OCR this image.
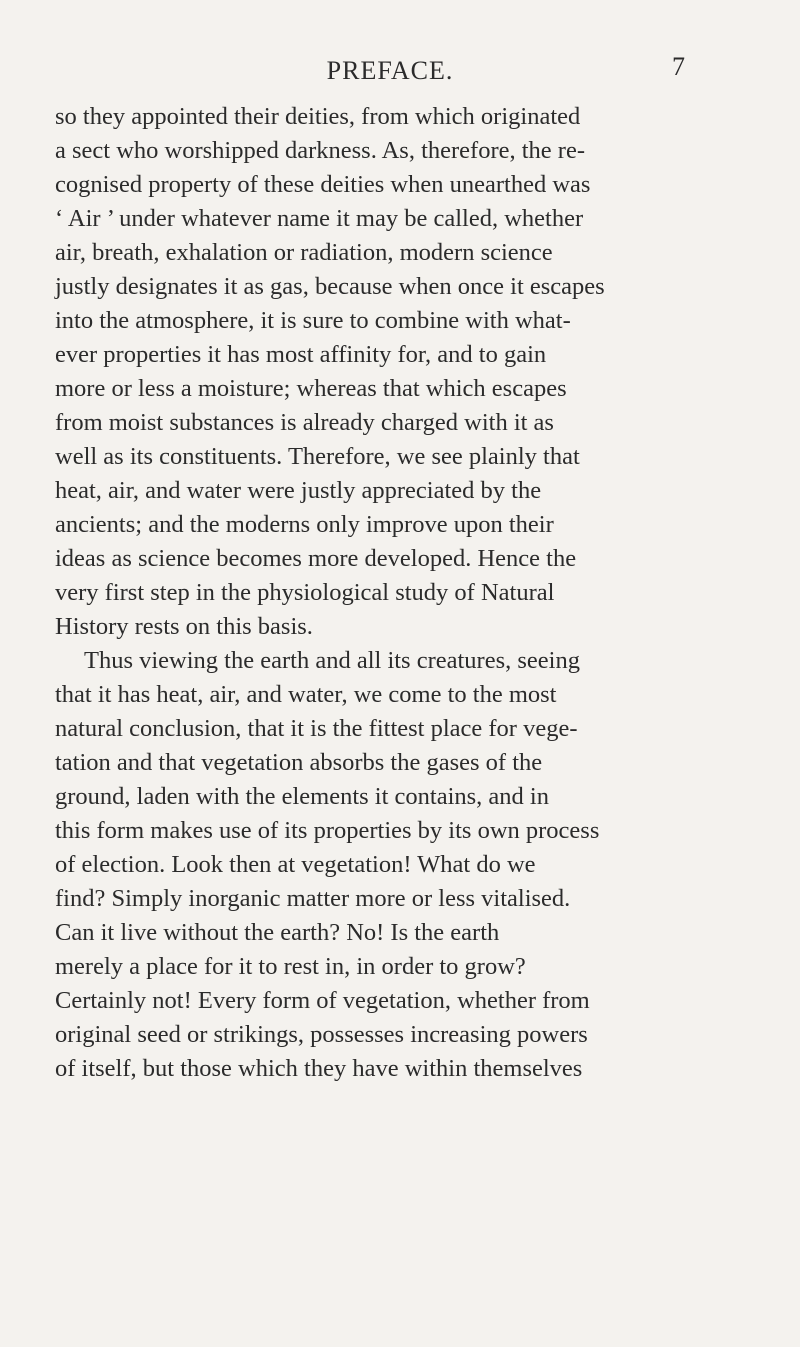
PREFACE.	7
so they appointed their deities, from which originated
a sect who worshipped darkness. As, therefore, the re-
cognised property of these deities when unearthed was
‘ Air ’ under whatever name it may be called, whether
air, breath, exhalation or radiation, modern science
justly designates it as gas, because when once it escapes
into the atmosphere, it is sure to combine with what-
ever properties it has most affinity for, and to gain
more or less a moisture; whereas that which escapes
from moist substances is already charged with it as
well as its constituents. Therefore, we see plainly that
heat, air, and water were justly appreciated by the
ancients; and the moderns only improve upon their
ideas as science becomes more developed. Hence the
very first step in the physiological study of Natural
History rests on this basis.
Thus viewing the earth and all its creatures, seeing
that it has heat, air, and water, we come to the most
natural conclusion, that it is the fittest place for vege-
tation and that vegetation absorbs the gases of the
ground, laden with the elements it contains, and in
this form makes use of its properties by its own process
of election. Look then at vegetation! What do we
find? Simply inorganic matter more or less vitalised.
Can it live without the earth? No! Is the earth
merely a place for it to rest in, in order to grow?
Certainly not! Every form of vegetation, whether from
original seed or strikings, possesses increasing powers
of itself, but those which they have within themselves
